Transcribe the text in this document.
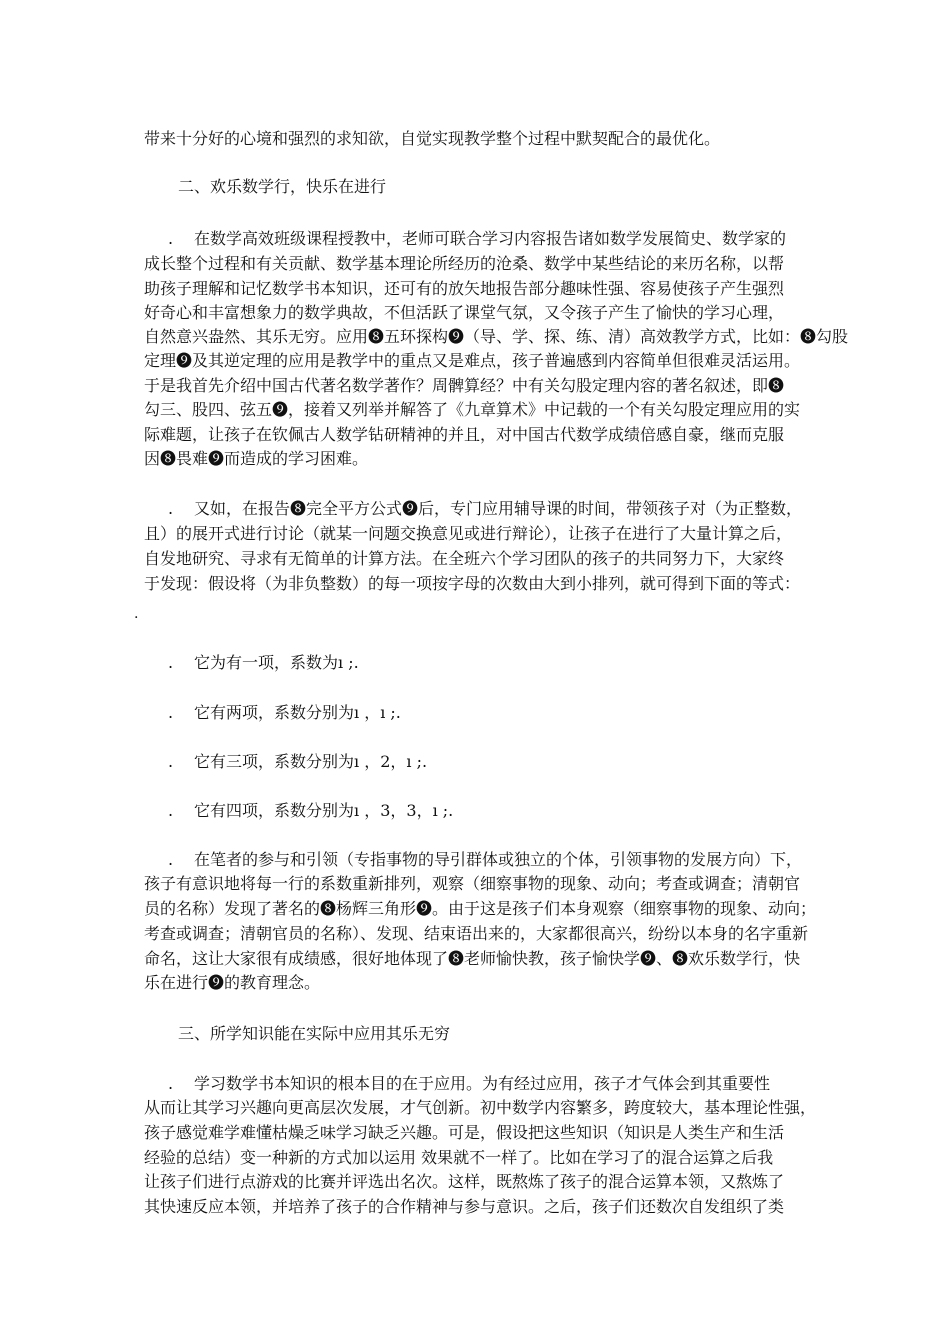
带来十分好的心境和强烈的求知欲，自觉实现教学整个过程中默契配合的最优化。
二、欢乐数学行，快乐在进行
. 在数学高效班级课程授教中，老师可联合学习内容报告诸如数学发展简史、数学家的
成长整个过程和有关贡献、数学基本理论所经历的沧桑、数学中某些结论的来历名称，以帮
助孩子理解和记忆数学书本知识，还可有的放矢地报告部分趣味性强、容易使孩子产生强烈
好奇心和丰富想象力的数学典故，不但活跃了课堂气氛，又令孩子产生了愉快的学习心理，
自然意兴盎然、其乐无穷。应用❽五环探构❾（导、学、探、练、清）高效教学方式，比如：❽勾股
定理❾及其逆定理的应用是教学中的重点又是难点，孩子普遍感到内容简单但很难灵活运用。
于是我首先介绍中国古代著名数学著作？周髀算经？中有关勾股定理内容的著名叙述，即❽
勾三、股四、弦五❾，接着又列举并解答了《九章算术》中记载的一个有关勾股定理应用的实
际难题，让孩子在钦佩古人数学钻研精神的并且，对中国古代数学成绩倍感自豪，继而克服
因❽畏难❾而造成的学习困难。
. 又如，在报告❽完全平方公式❾后，专门应用辅导课的时间，带领孩子对（为正整数，
且）的展开式进行讨论（就某一问题交换意见或进行辩论），让孩子在进行了大量计算之后，
自发地研究、寻求有无简单的计算方法。在全班六个学习团队的孩子的共同努力下，大家终
于发现：假设将（为非负整数）的每一项按字母的次数由大到小排列，就可得到下面的等式：
.
. 它为有一项，系数为ı ;.
. 它有两项，系数分别为ı ，ı ;.
. 它有三项，系数分别为ı ，2，ı ;.
. 它有四项，系数分别为ı ，3，3，ı ;.
. 在笔者的参与和引领（专指事物的导引群体或独立的个体，引领事物的发展方向）下，
孩子有意识地将每一行的系数重新排列，观察（细察事物的现象、动向；考查或调查；清朝官
员的名称）发现了著名的❽杨辉三角形❾。由于这是孩子们本身观察（细察事物的现象、动向；
考查或调查；清朝官员的名称）、发现、结束语出来的，大家都很高兴，纷纷以本身的名字重新
命名，这让大家很有成绩感，很好地体现了❽老师愉快教，孩子愉快学❾、❽欢乐数学行，快
乐在进行❾的教育理念。
三、所学知识能在实际中应用其乐无穷
. 学习数学书本知识的根本目的在于应用。为有经过应用，孩子才气体会到其重要性
从而让其学习兴趣向更高层次发展，才气创新。初中数学内容繁多，跨度较大，基本理论性强，
孩子感觉难学难懂枯燥乏味学习缺乏兴趣。可是，假设把这些知识（知识是人类生产和生活
经验的总结）变一种新的方式加以运用 效果就不一样了。比如在学习了的混合运算之后我
让孩子们进行点游戏的比赛并评选出名次。这样，既熬炼了孩子的混合运算本领，又熬炼了
其快速反应本领，并培养了孩子的合作精神与参与意识。之后，孩子们还数次自发组织了类
